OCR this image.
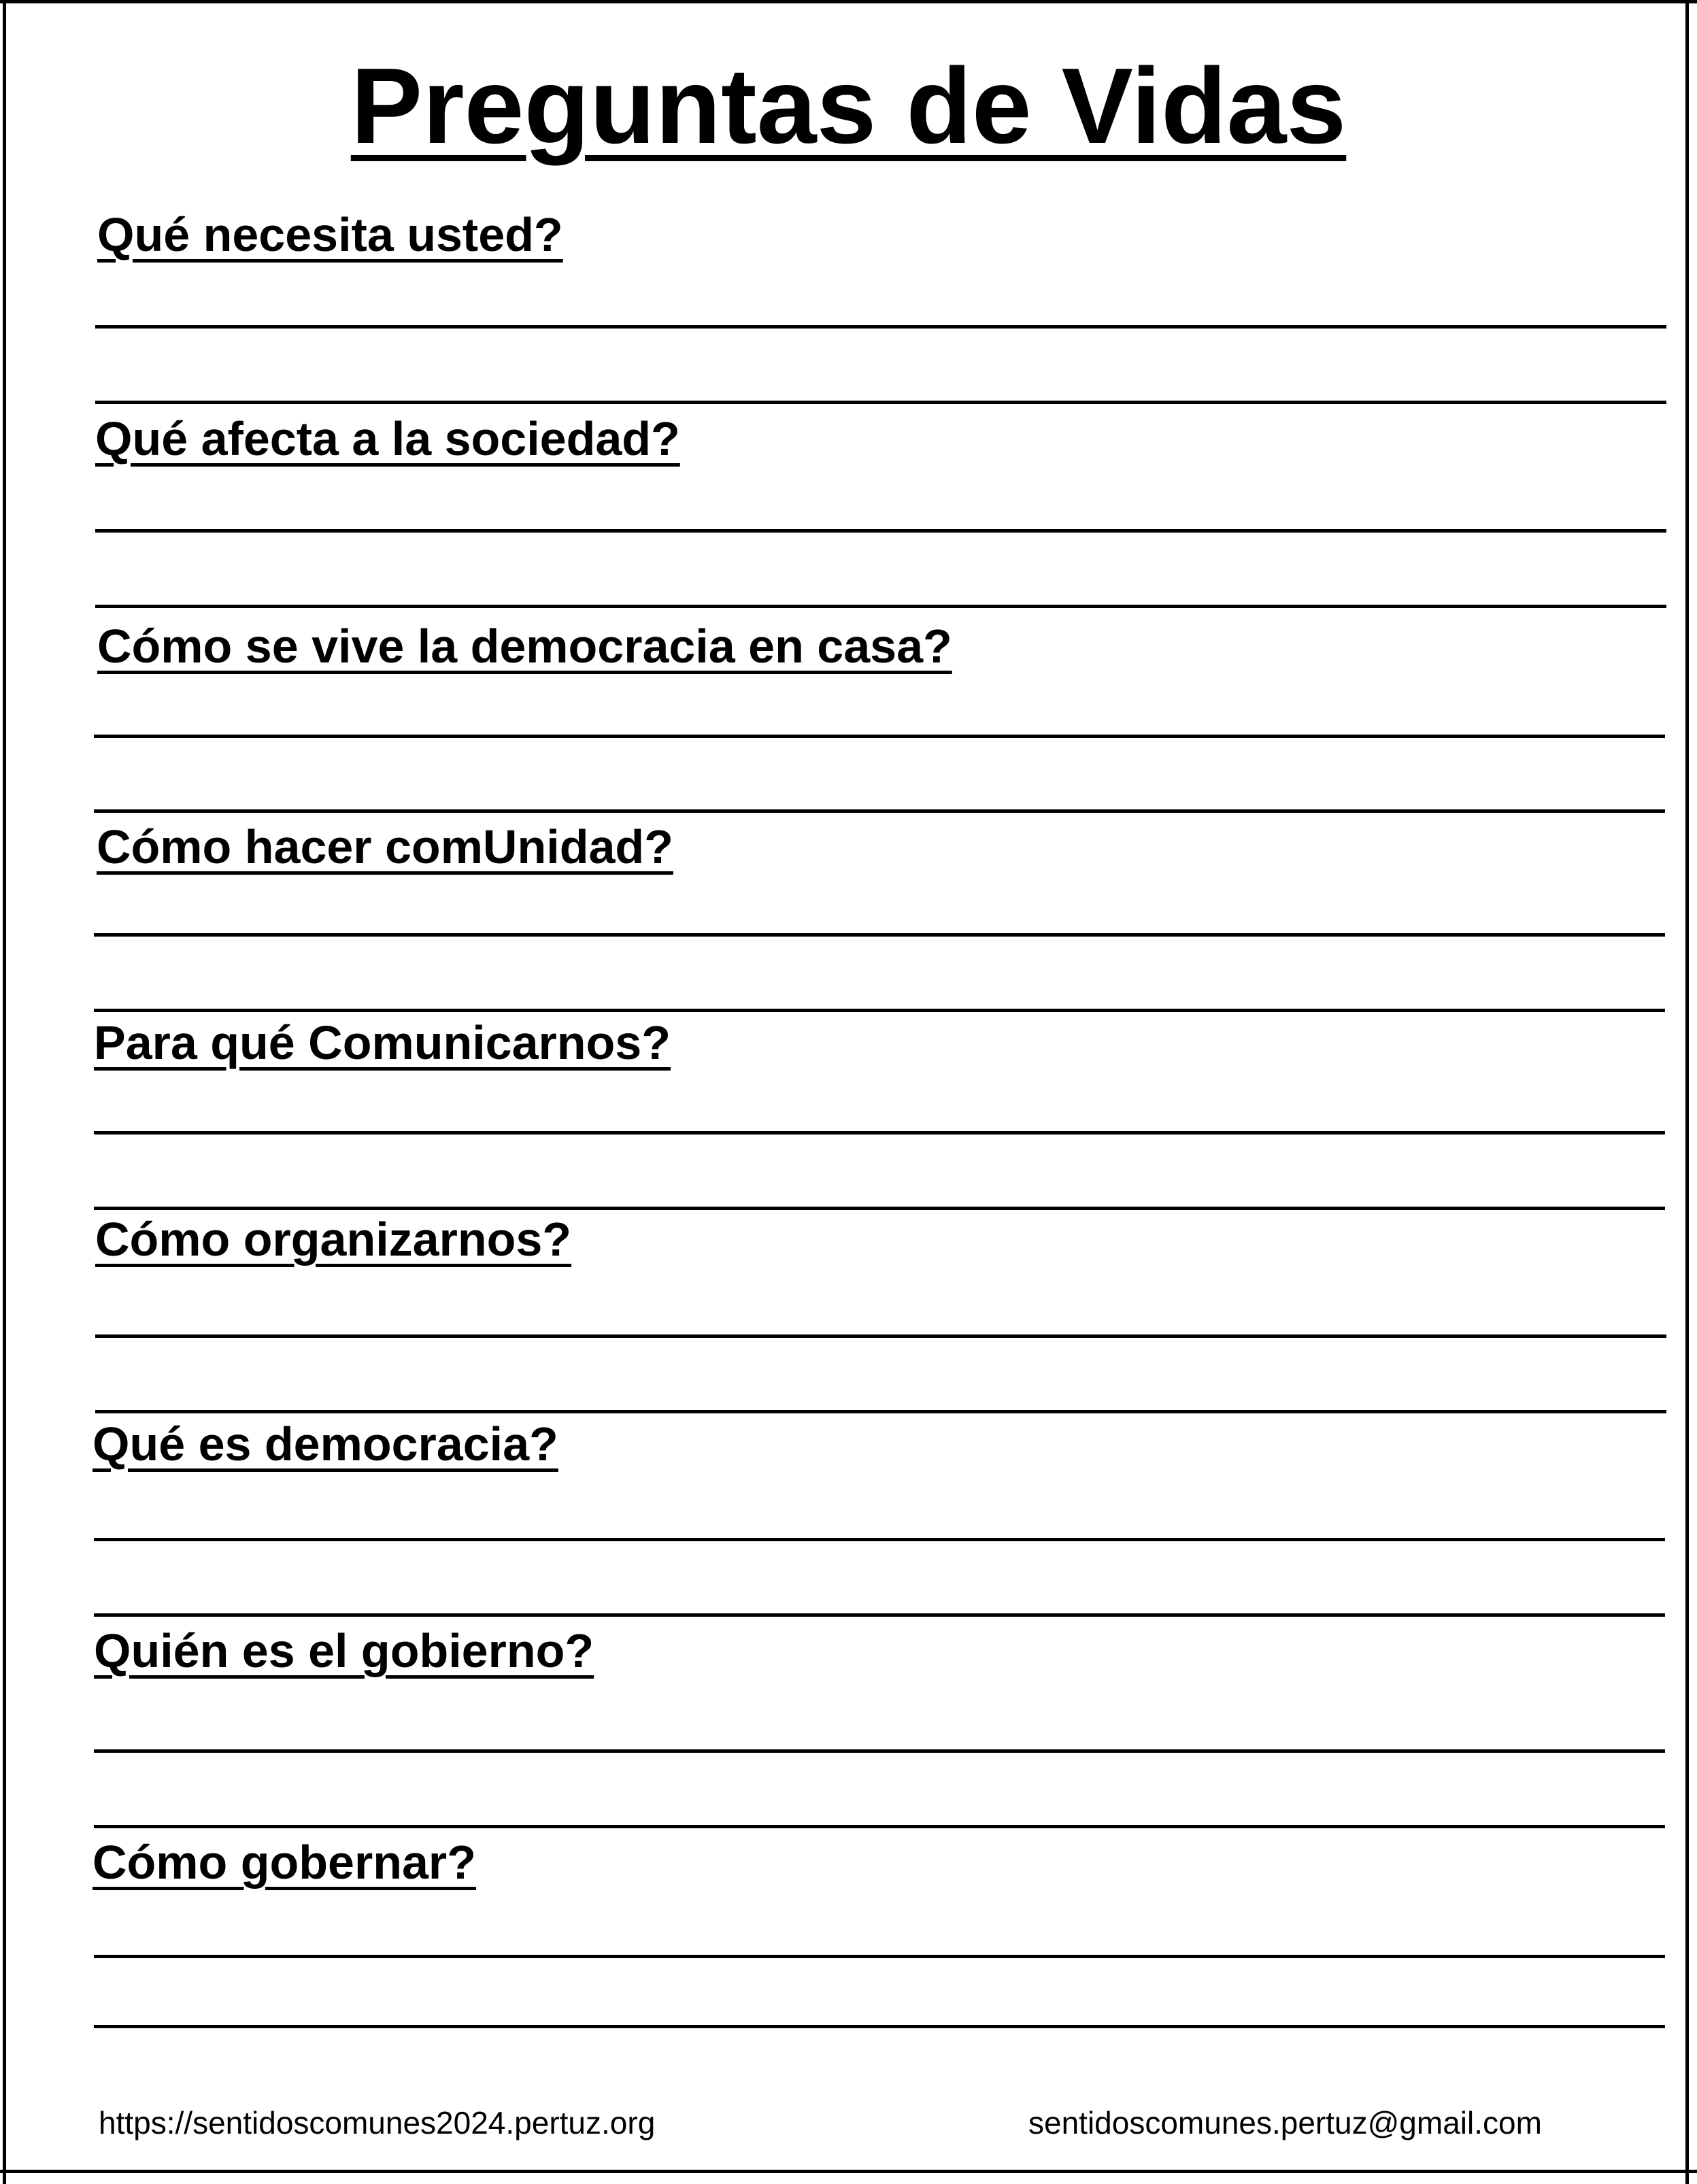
Preguntas de Vidas
Qué necesita usted?
Qué afecta a la sociedad?
Cómo se vive la democracia en casa?
Cómo hacer comUnidad?
Para qué Comunicarnos?
Cómo organizarnos?
Qué es democracia?
Quién es el gobierno?
Cómo gobernar?
https://sentidoscomunes2024.pertuz.org	sentidoscomunes.pertuz@gmail.com
